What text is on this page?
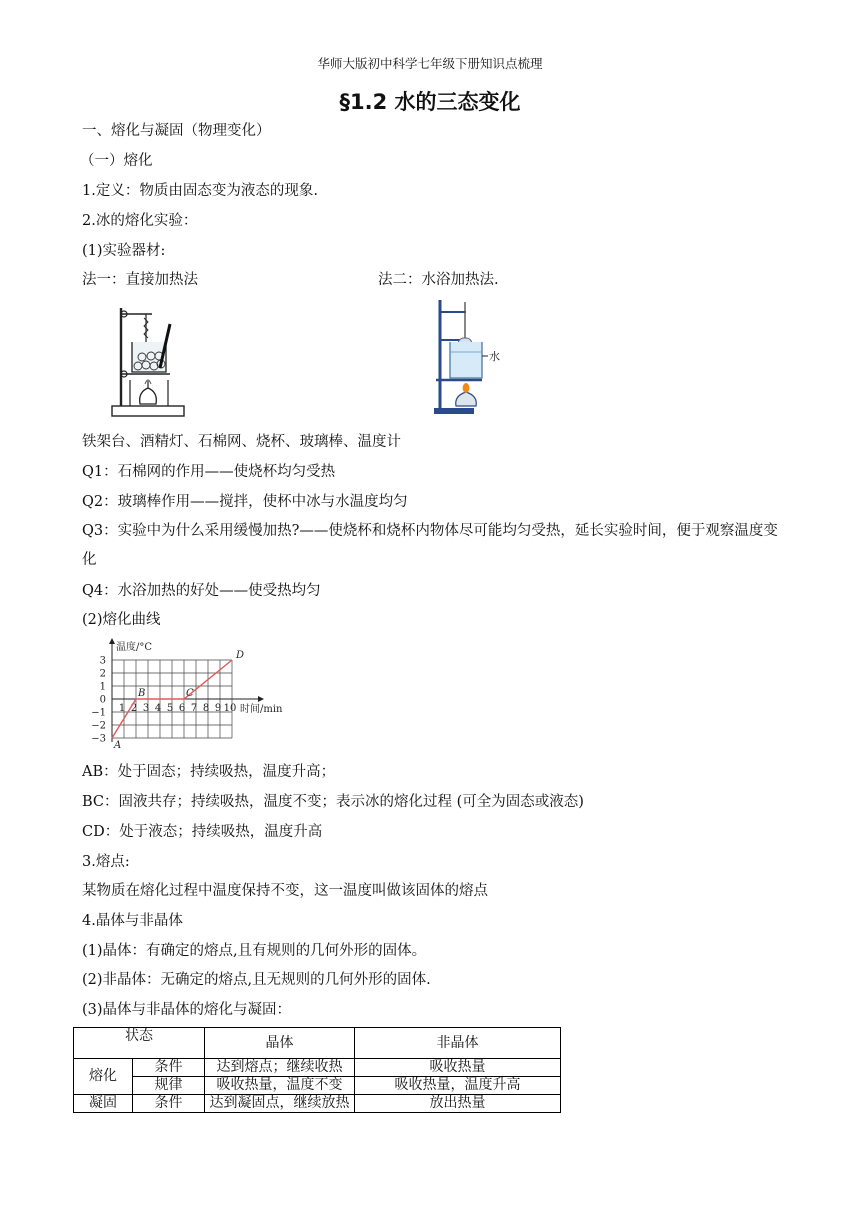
华师大版初中科学七年级下册知识点梳理
§1.2 水的三态变化
一、熔化与凝固（物理变化）
（一）熔化
1.定义：物质由固态变为液态的现象.
2.冰的熔化实验：
(1)实验器材:
法一：直接加热法	法二：水浴加热法.
水
铁架台、酒精灯、石棉网、烧杯、玻璃棒、温度计
Q1：石棉网的作用——使烧杯均匀受热
Q2：玻璃棒作用——搅拌，使杯中冰与水温度均匀
Q3：实验中为什么采用缓慢加热?——使烧杯和烧杯内物体尽可能均匀受热，延长实验时间，便于观察温度变化
Q4：水浴加热的好处——使受热均匀
(2)熔化曲线
温度/°C
时间/min
1 2 3 4 5 6 7 8 9 10
3
2
1
0
−1
−2
−3
A
B	C
D
AB：处于固态；持续吸热，温度升高；
BC：固液共存；持续吸热，温度不变；表示冰的熔化过程 (可全为固态或液态)
CD：处于液态；持续吸热，温度升高
3.熔点:
某物质在熔化过程中温度保持不变，这一温度叫做该固体的熔点
4.晶体与非晶体
(1)晶体：有确定的熔点,且有规则的几何外形的固体。
(2)非晶体：无确定的熔点,且无规则的几何外形的固体.
(3)晶体与非晶体的熔化与凝固：
状态		晶体	非晶体
熔化	条件	达到熔点；继续收热	吸收热量
	规律	吸收热量，温度不变	吸收热量，温度升高
凝固	条件	达到凝固点，继续放热	放出热量
